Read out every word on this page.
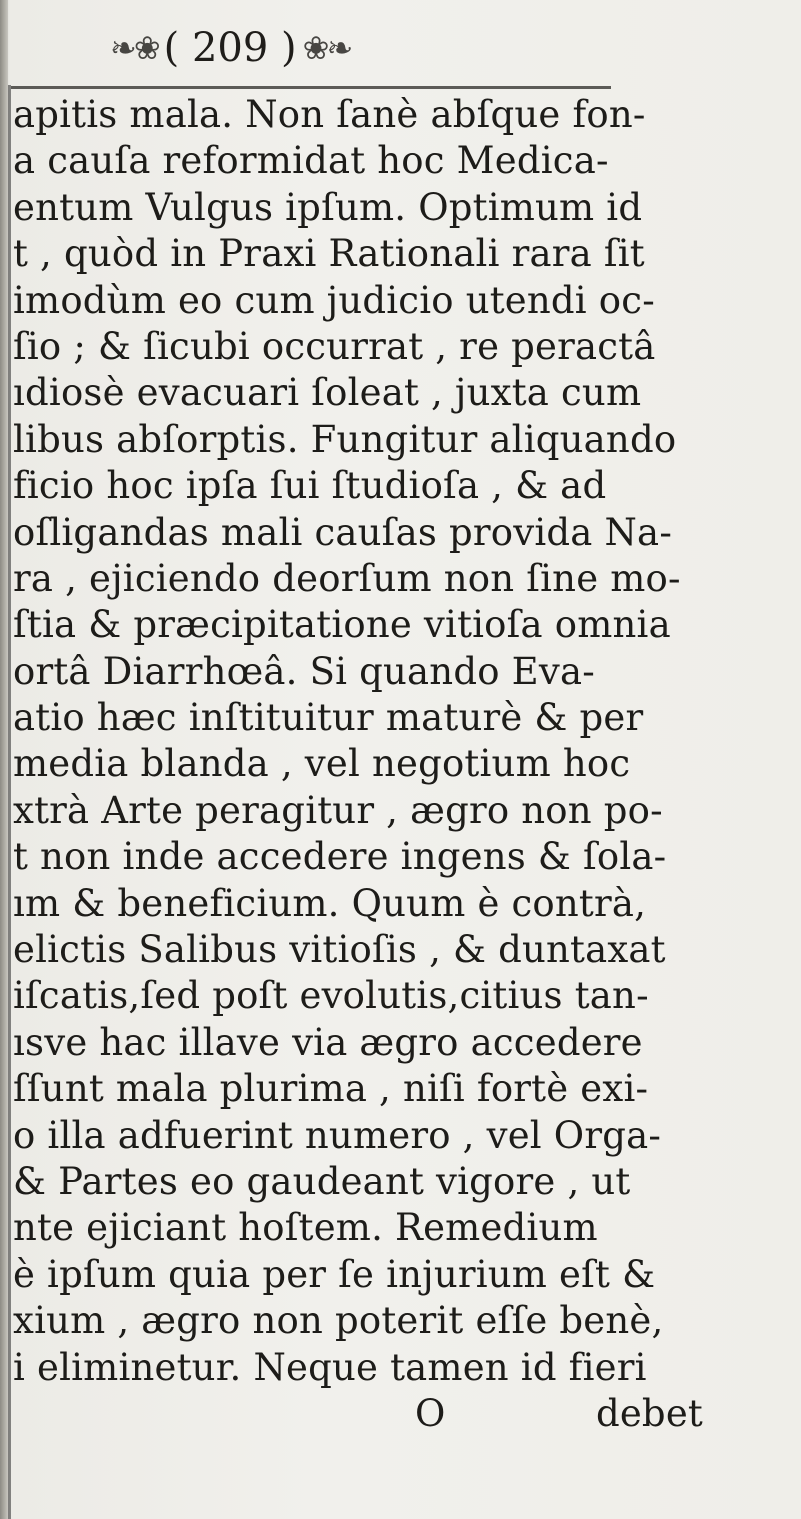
❧❀ ( 209 ) ❀❧
apitis mala. Non ſanè abſque fon-
a cauſa reformidat hoc Medica-
entum Vulgus ipſum. Optimum id
t , quòd in Praxi Rationali rara ſit
imodùm eo cum judicio utendi oc-
ſio ; & ſicubi occurrat , re peractâ
ıdiosè evacuari ſoleat , juxta cum
libus abſorptis. Fungitur aliquando
ficio hoc ipſa ſui ſtudioſa , & ad
oſligandas mali cauſas provida Na-
ra , ejiciendo deorſum non ſine mo-
ſtia & præcipitatione vitioſa omnia
ortâ Diarrhœâ. Si quando Eva-
atio hæc inſtituitur maturè & per
media blanda , vel negotium hoc
xtrà Arte peragitur , ægro non po-
t non inde accedere ingens & ſola-
ım & beneficium. Quum è contrà,
elictis Salibus vitioſis , & duntaxat
iſcatis,ſed poſt evolutis,citius tan-
ısve hac illave via ægro accedere
ſſunt mala plurima , niſi fortè exi-
o illa adfuerint numero , vel Orga-
& Partes eo gaudeant vigore , ut
nte ejiciant hoſtem. Remedium
è ipſum quia per ſe injurium eſt &
xium , ægro non poterit eſſe benè,
i eliminetur. Neque tamen id fieri
O	debet
